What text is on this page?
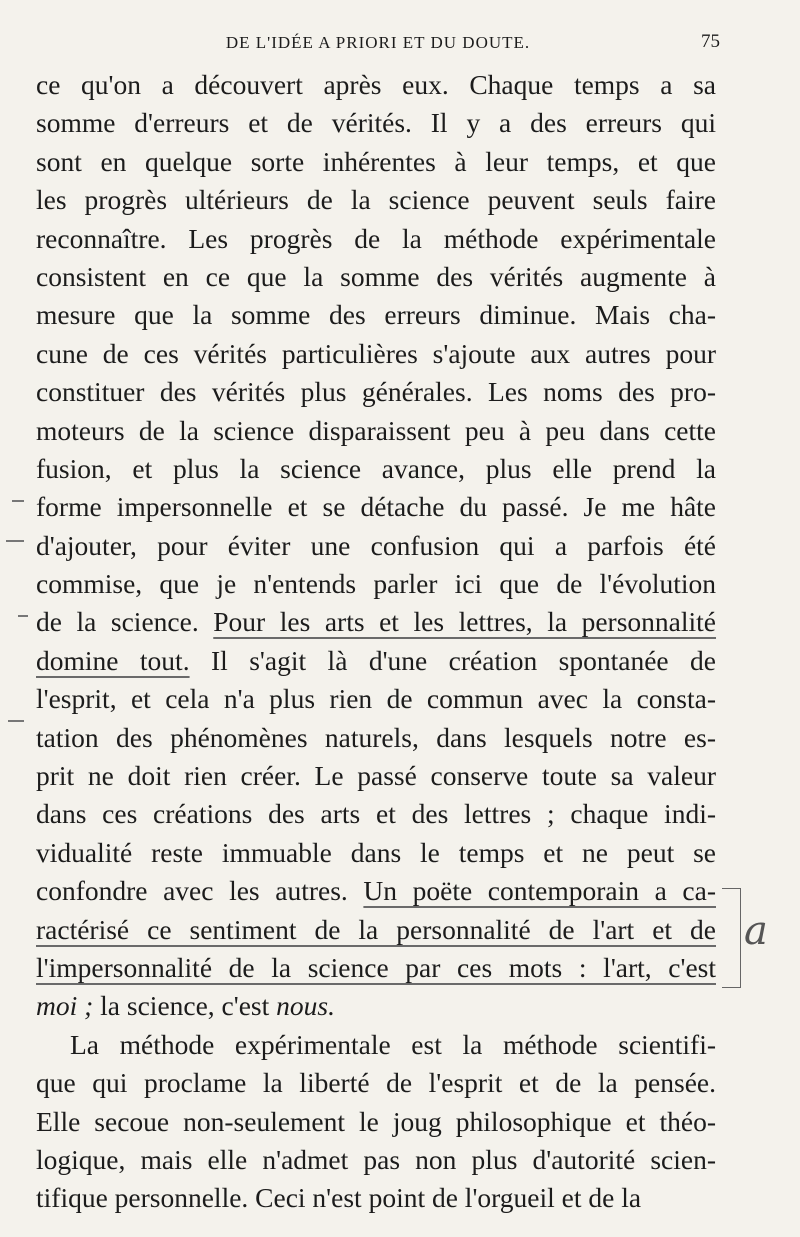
DE L'IDÉE A PRIORI ET DU DOUTE.	75
ce qu'on a découvert après eux. Chaque temps a sa
somme d'erreurs et de vérités. Il y a des erreurs qui
sont en quelque sorte inhérentes à leur temps, et que
les progrès ultérieurs de la science peuvent seuls faire
reconnaître. Les progrès de la méthode expérimentale
consistent en ce que la somme des vérités augmente à
mesure que la somme des erreurs diminue. Mais cha-
cune de ces vérités particulières s'ajoute aux autres pour
constituer des vérités plus générales. Les noms des pro-
moteurs de la science disparaissent peu à peu dans cette
fusion, et plus la science avance, plus elle prend la
forme impersonnelle et se détache du passé. Je me hâte
d'ajouter, pour éviter une confusion qui a parfois été
commise, que je n'entends parler ici que de l'évolution
de la science. Pour les arts et les lettres, la personnalité
domine tout. Il s'agit là d'une création spontanée de
l'esprit, et cela n'a plus rien de commun avec la consta-
tation des phénomènes naturels, dans lesquels notre es-
prit ne doit rien créer. Le passé conserve toute sa valeur
dans ces créations des arts et des lettres ; chaque indi-
vidualité reste immuable dans le temps et ne peut se
confondre avec les autres. Un poëte contemporain a ca-
ractérisé ce sentiment de la personnalité de l'art et de
l'impersonnalité de la science par ces mots : l'art, c'est
moi ; la science, c'est nous.
La méthode expérimentale est la méthode scientifi-
que qui proclame la liberté de l'esprit et de la pensée.
Elle secoue non-seulement le joug philosophique et théo-
logique, mais elle n'admet pas non plus d'autorité scien-
tifique personnelle. Ceci n'est point de l'orgueil et de la
a
